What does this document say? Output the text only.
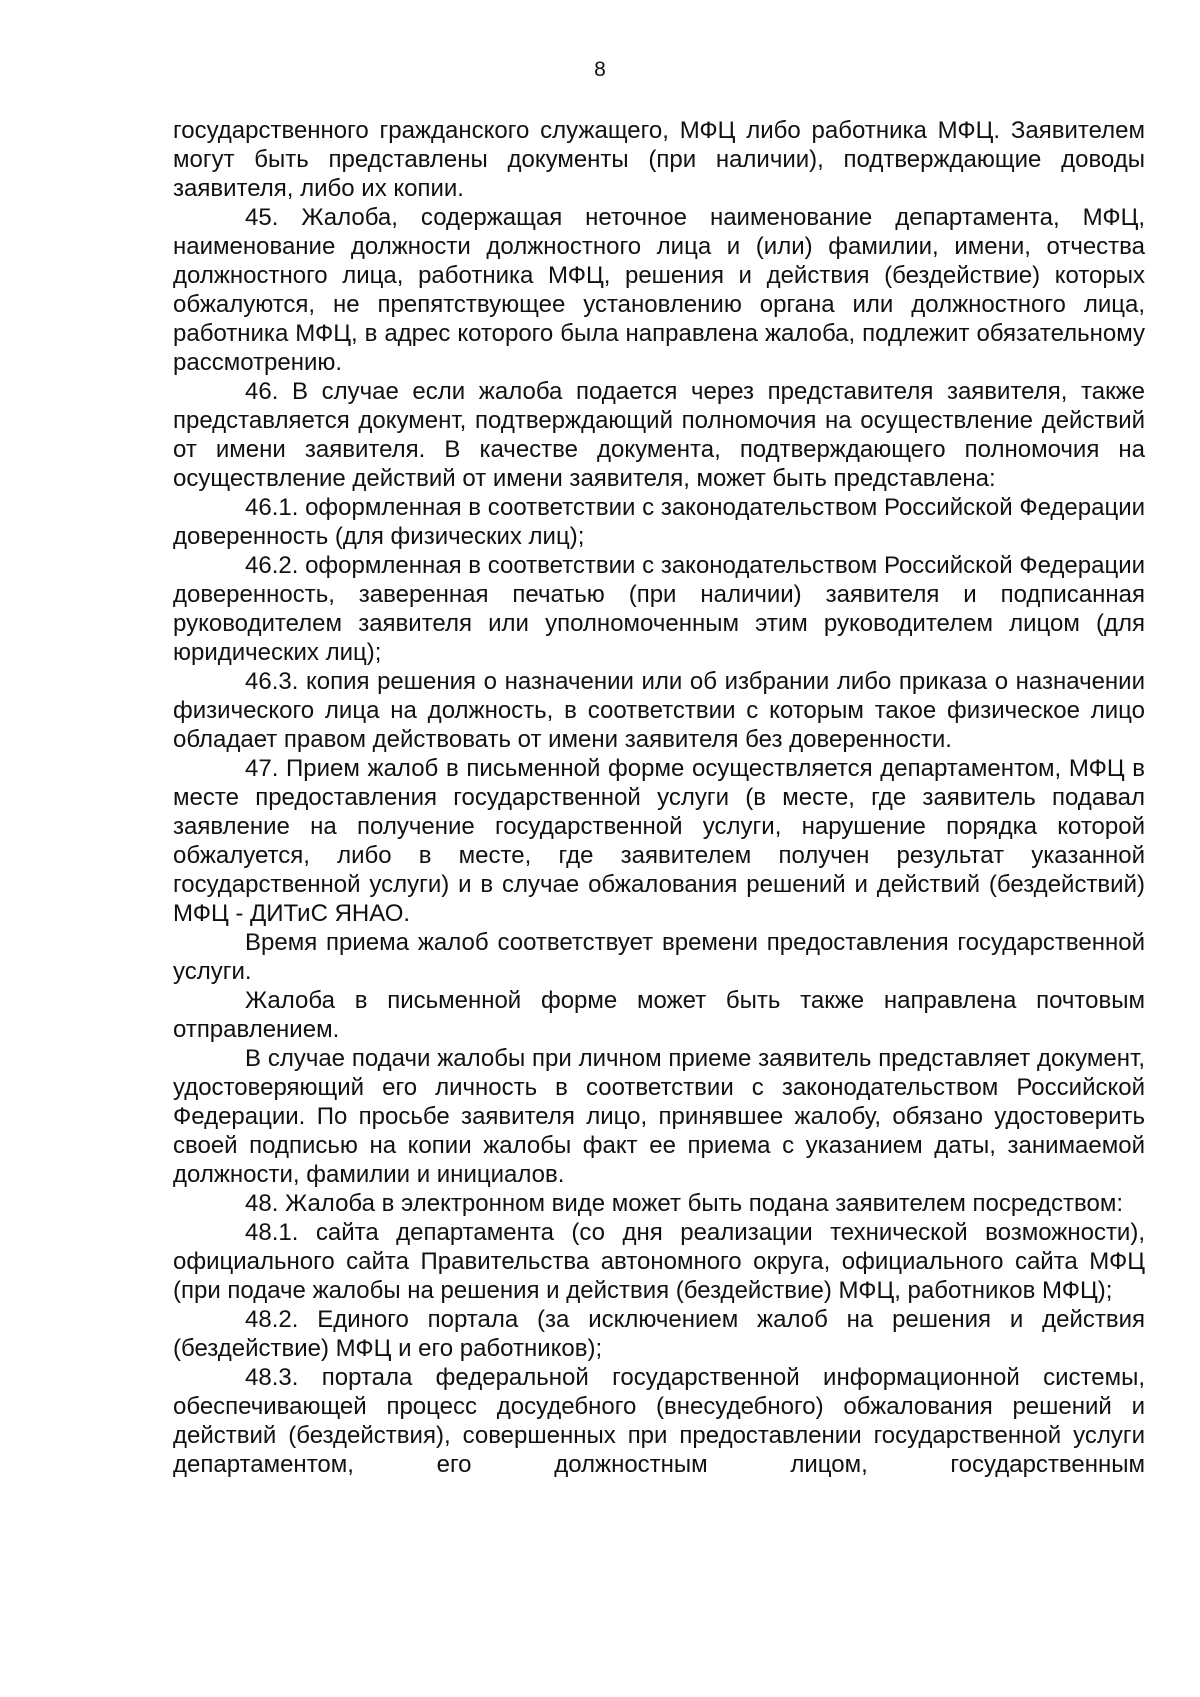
8

государственного гражданского служащего, МФЦ либо работника МФЦ. Заявителем могут быть представлены документы (при наличии), подтверждающие доводы заявителя, либо их копии.

45. Жалоба, содержащая неточное наименование департамента, МФЦ, наименование должности должностного лица и (или) фамилии, имени, отчества должностного лица, работника МФЦ, решения и действия (бездействие) которых обжалуются, не препятствующее установлению органа или должностного лица, работника МФЦ, в адрес которого была направлена жалоба, подлежит обязательному рассмотрению.

46. В случае если жалоба подается через представителя заявителя, также представляется документ, подтверждающий полномочия на осуществление действий от имени заявителя. В качестве документа, подтверждающего полномочия на осуществление действий от имени заявителя, может быть представлена:

46.1. оформленная в соответствии с законодательством Российской Федерации доверенность (для физических лиц);

46.2. оформленная в соответствии с законодательством Российской Федерации доверенность, заверенная печатью (при наличии) заявителя и подписанная руководителем заявителя или уполномоченным этим руководителем лицом (для юридических лиц);

46.3. копия решения о назначении или об избрании либо приказа о назначении физического лица на должность, в соответствии с которым такое физическое лицо обладает правом действовать от имени заявителя без доверенности.

47. Прием жалоб в письменной форме осуществляется департаментом, МФЦ в месте предоставления государственной услуги (в месте, где заявитель подавал заявление на получение государственной услуги, нарушение порядка которой обжалуется, либо в месте, где заявителем получен результат указанной государственной услуги) и в случае обжалования решений и действий (бездействий) МФЦ - ДИТиС ЯНАО.

Время приема жалоб соответствует времени предоставления государственной услуги.

Жалоба в письменной форме может быть также направлена почтовым отправлением.

В случае подачи жалобы при личном приеме заявитель представляет документ, удостоверяющий его личность в соответствии с законодательством Российской Федерации. По просьбе заявителя лицо, принявшее жалобу, обязано удостоверить своей подписью на копии жалобы факт ее приема с указанием даты, занимаемой должности, фамилии и инициалов.

48. Жалоба в электронном виде может быть подана заявителем посредством:

48.1. сайта департамента (со дня реализации технической возможности), официального сайта Правительства автономного округа, официального сайта МФЦ (при подаче жалобы на решения и действия (бездействие) МФЦ, работников МФЦ);

48.2. Единого портала (за исключением жалоб на решения и действия (бездействие) МФЦ и его работников);

48.3. портала федеральной государственной информационной системы, обеспечивающей процесс досудебного (внесудебного) обжалования решений и действий (бездействия), совершенных при предоставлении государственной услуги департаментом, его должностным лицом, государственным
